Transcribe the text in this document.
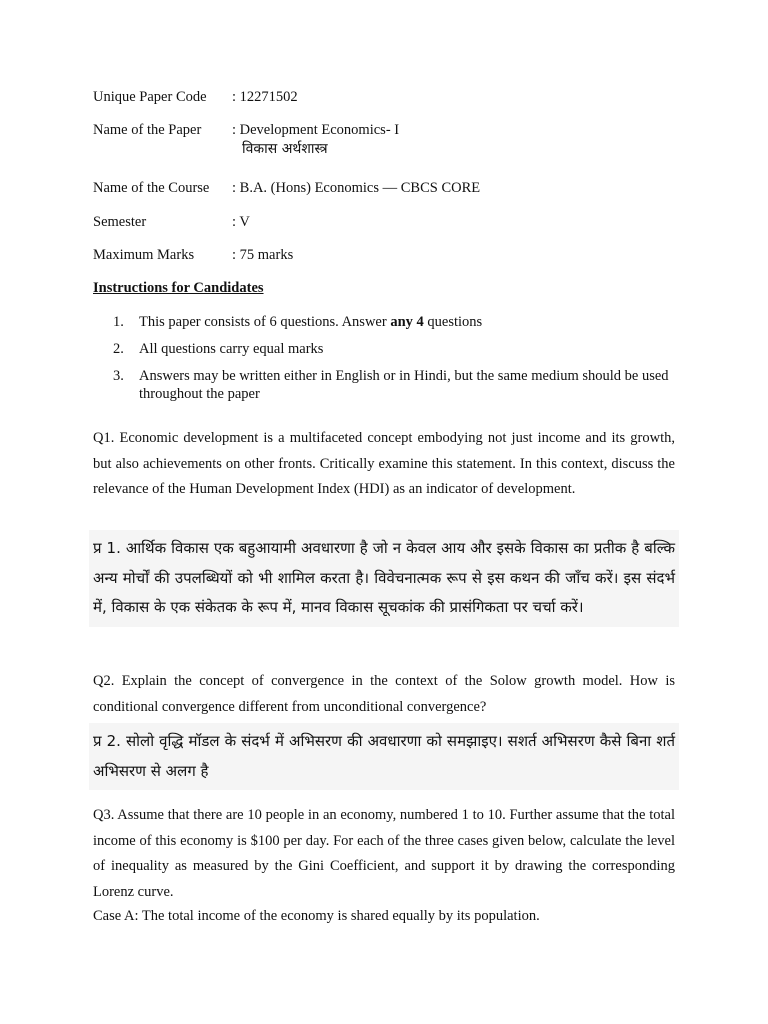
Unique Paper Code : 12271502
Name of the Paper : Development Economics- I
विकास अर्थशास्त्र
Name of the Course : B.A. (Hons) Economics — CBCS CORE
Semester	: V
Maximum Marks	: 75 marks
Instructions for Candidates
1. This paper consists of 6 questions. Answer any 4 questions
2. All questions carry equal marks
3. Answers may be written either in English or in Hindi, but the same medium should be used throughout the paper
Q1. Economic development is a multifaceted concept embodying not just income and its growth, but also achievements on other fronts. Critically examine this statement. In this context, discuss the relevance of the Human Development Index (HDI) as an indicator of development.
प्र 1. आर्थिक विकास एक बहुआयामी अवधारणा है जो न केवल आय और इसके विकास का प्रतीक है बल्कि अन्य मोर्चों की उपलब्धियों को भी शामिल करता है। विवेचनात्मक रूप से इस कथन की जाँच करें। इस संदर्भ में, विकास के एक संकेतक के रूप में, मानव विकास सूचकांक की प्रासंगिकता पर चर्चा करें।
Q2. Explain the concept of convergence in the context of the Solow growth model. How is conditional convergence different from unconditional convergence?
प्र 2. सोलो वृद्धि मॉडल के संदर्भ में अभिसरण की अवधारणा को समझाइए। सशर्त अभिसरण कैसे बिना शर्त अभिसरण से अलग है
Q3. Assume that there are 10 people in an economy, numbered 1 to 10. Further assume that the total income of this economy is $100 per day. For each of the three cases given below, calculate the level of inequality as measured by the Gini Coefficient, and support it by drawing the corresponding Lorenz curve.
Case A: The total income of the economy is shared equally by its population.
